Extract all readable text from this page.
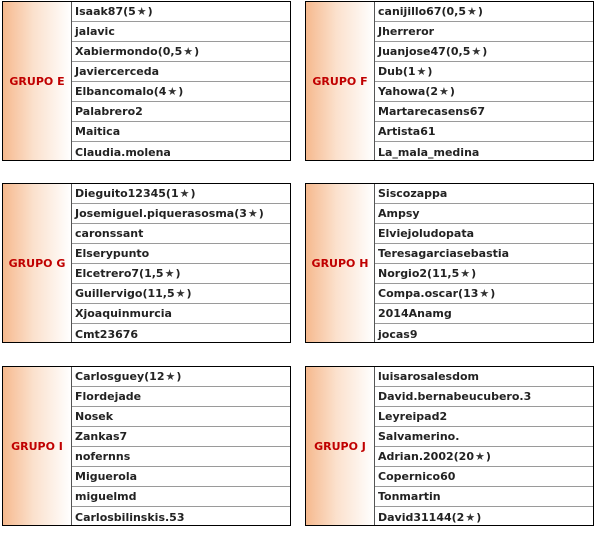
GRUPO E
Isaak87 ( 5 ★ )
jalavic
Xabiermondo ( 0,5 ★ )
Javiercerceda
Elbancomalo ( 4 ★ )
Palabrero2
Maitica
Claudia.molena
GRUPO F
canijillo67 ( 0,5 ★ )
Jherreror
Juanjose47 ( 0,5 ★ )
Dub ( 1 ★ )
Yahowa ( 2 ★ )
Martarecasens67
Artista61
La_mala_medina
GRUPO G
Dieguito12345 ( 1 ★ )
Josemiguel.piquerasosma ( 3 ★ )
caronssant
Elserypunto
Elcetrero7 ( 1,5 ★ )
Guillervigo ( 11,5 ★ )
Xjoaquinmurcia
Cmt23676
GRUPO H
Siscozappa
Ampsy
Elviejoludopata
Teresagarciasebastia
Norgio2 ( 11,5 ★ )
Compa.oscar ( 13 ★ )
2014Anamg
jocas9
GRUPO I
Carlosguey ( 12 ★ )
Flordejade
Nosek
Zankas7
nofernns
Miguerola
miguelmd
Carlosbilinskis.53
GRUPO J
luisarosalesdom
David.bernabeucubero.3
Leyreipad2
Salvamerino.
Adrian.2002 ( 20 ★ )
Copernico60
Tonmartin
David31144 ( 2 ★ )
